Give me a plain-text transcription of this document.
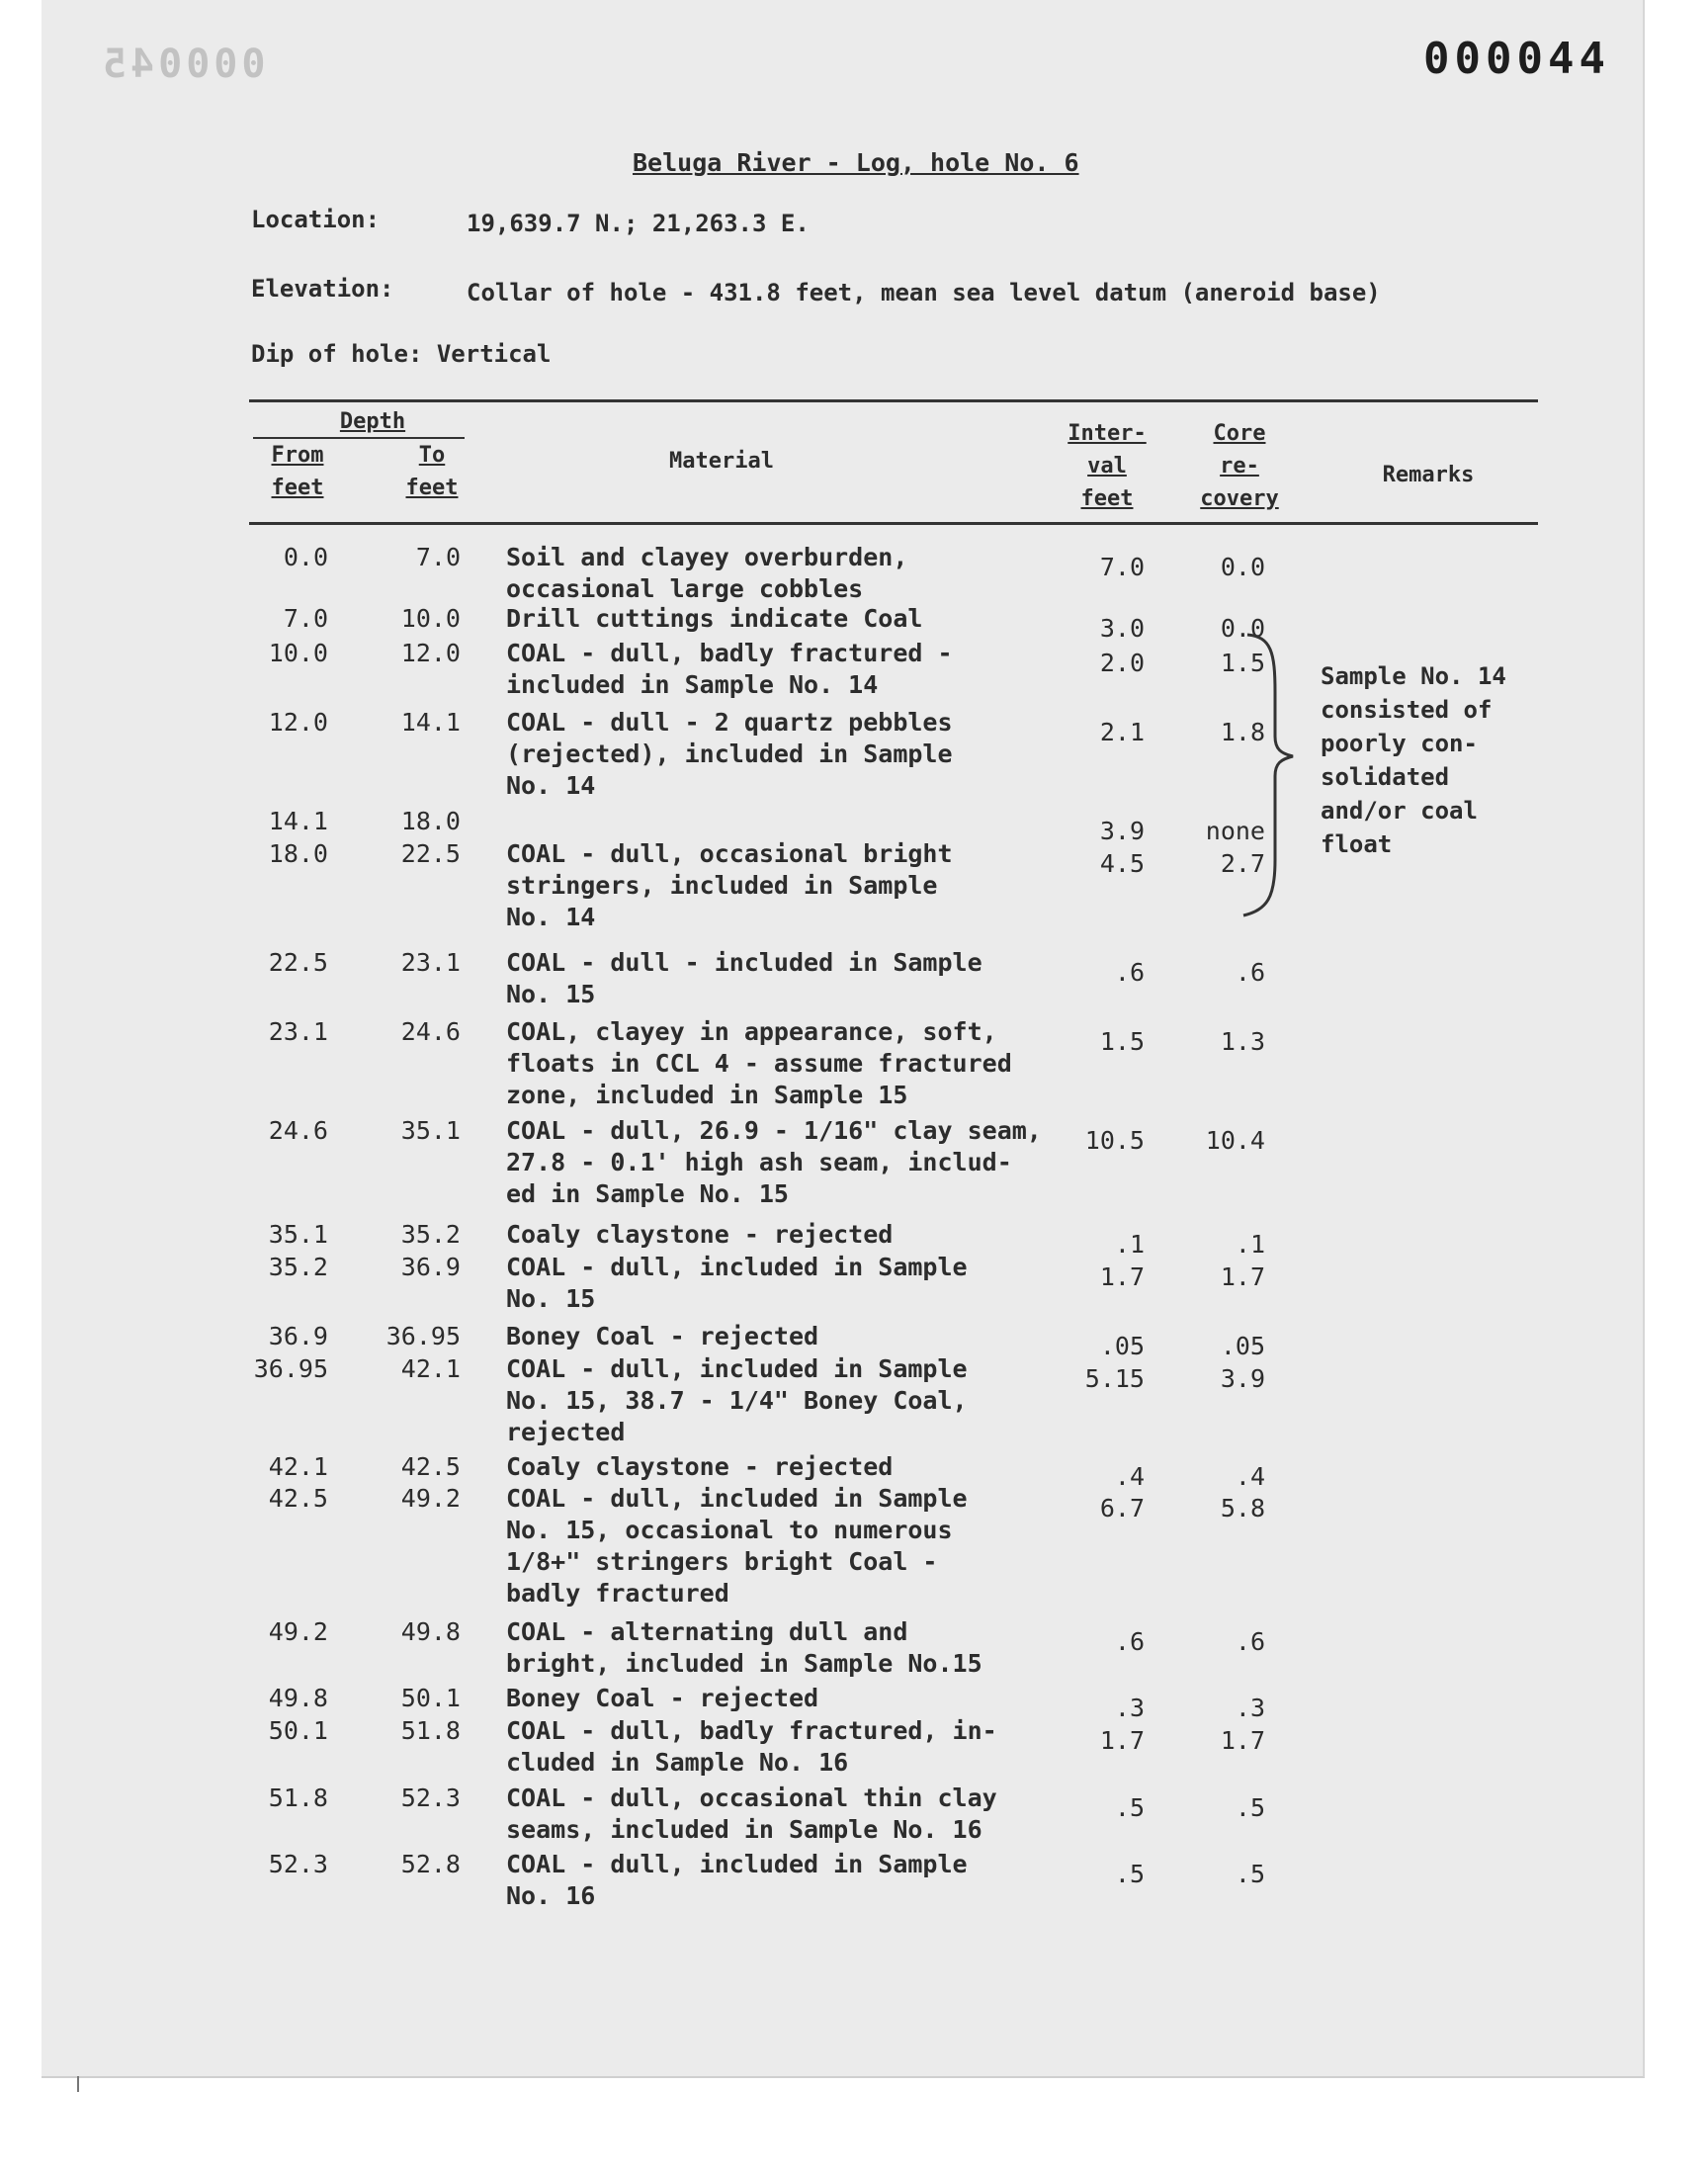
000045	000044
Beluga River - Log, hole No. 6
Location:	19,639.7 N.; 21,263.3 E.
Elevation:	Collar of hole - 431.8 feet, mean sea level datum (aneroid base)
Dip of hole: Vertical
Depth
From
feet
To
feet
Material
Inter-
val
feet
Core
re-
covery
Remarks
0.0	7.0 Soil and clayey overburden,
occasional large cobbles
7.0	0.0
7.0	10.0 Drill cuttings indicate Coal	3.0	0.0
10.0	12.0 COAL - dull, badly fractured -
included in Sample No. 14
2.0	1.5
12.0	14.1 COAL - dull - 2 quartz pebbles
(rejected), included in Sample
No. 14
2.1	1.8
14.1	18.0	3.9	none
18.0	22.5 COAL - dull, occasional bright
stringers, included in Sample
No. 14
4.5	2.7
22.5	23.1 COAL - dull - included in Sample
No. 15
.6	.6
23.1	24.6 COAL, clayey in appearance, soft,
floats in CCL 4 - assume fractured
zone, included in Sample 15
1.5	1.3
24.6	35.1 COAL - dull, 26.9 - 1/16" clay seam,
27.8 - 0.1' high ash seam, includ-
ed in Sample No. 15
10.5	10.4
35.1	35.2 Coaly claystone - rejected	.1	.1
35.2	36.9 COAL - dull, included in Sample
No. 15
1.7	1.7
36.9	36.95 Boney Coal - rejected	.05	.05
36.95	42.1 COAL - dull, included in Sample
No. 15, 38.7 - 1/4" Boney Coal,
rejected
5.15	3.9
42.1	42.5 Coaly claystone - rejected	.4	.4
42.5	49.2 COAL - dull, included in Sample
No. 15, occasional to numerous
1/8+" stringers bright Coal -
badly fractured
6.7	5.8
49.2	49.8 COAL - alternating dull and
bright, included in Sample No.15
.6	.6
49.8	50.1 Boney Coal - rejected	.3	.3
50.1	51.8 COAL - dull, badly fractured, in-
cluded in Sample No. 16
1.7	1.7
51.8	52.3 COAL - dull, occasional thin clay
seams, included in Sample No. 16
.5	.5
52.3	52.8 COAL - dull, included in Sample
No. 16
.5	.5
Sample No. 14
consisted of
poorly con-
solidated
and/or coal
float
